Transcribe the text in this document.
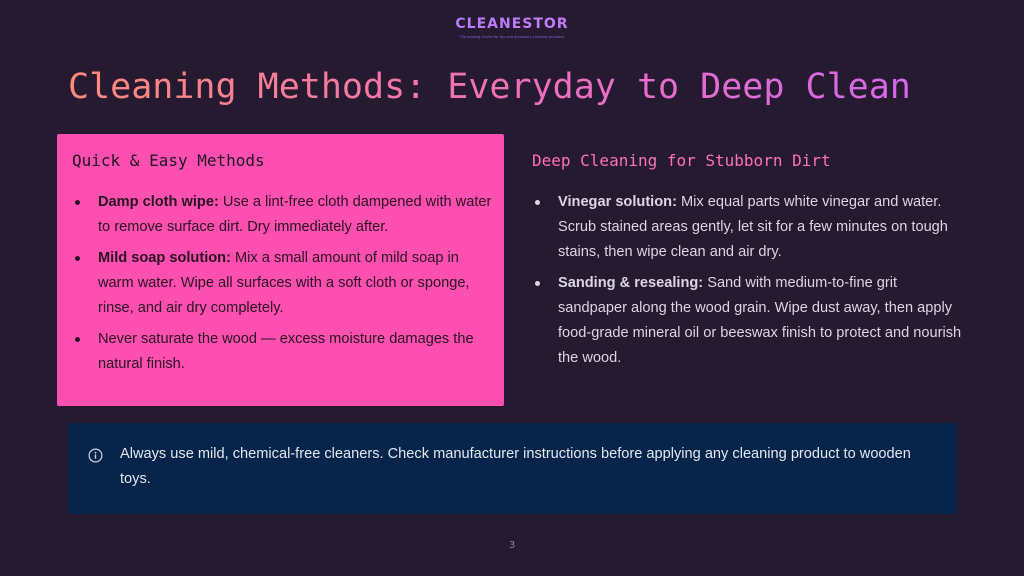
CLEANESTOR
The leading choice for toy and accessory cleaning solutions
Cleaning Methods: Everyday to Deep Clean
Quick & Easy Methods
Damp cloth wipe: Use a lint-free cloth dampened with water to remove surface dirt. Dry immediately after.
Mild soap solution: Mix a small amount of mild soap in warm water. Wipe all surfaces with a soft cloth or sponge, rinse, and air dry completely.
Never saturate the wood — excess moisture damages the natural finish.
Deep Cleaning for Stubborn Dirt
Vinegar solution: Mix equal parts white vinegar and water. Scrub stained areas gently, let sit for a few minutes on tough stains, then wipe clean and air dry.
Sanding & resealing: Sand with medium-to-fine grit sandpaper along the wood grain. Wipe dust away, then apply food-grade mineral oil or beeswax finish to protect and nourish the wood.

Always use mild, chemical-free cleaners. Check manufacturer instructions before applying any cleaning product to wooden toys.

3
